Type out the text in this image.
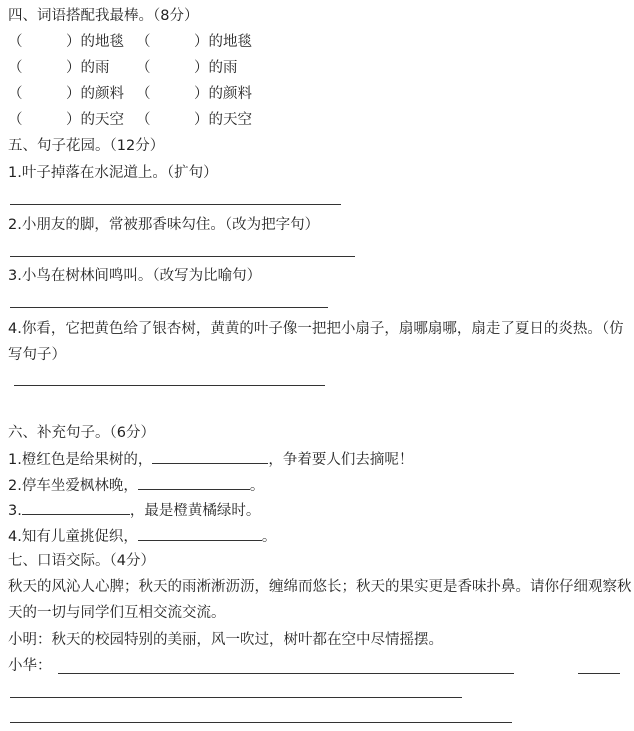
四、词语搭配我最棒。（8分）
（　　　）的地毯 （　　　）的地毯
（　　　）的雨 （　　　）的雨
（　　　）的颜料 （　　　）的颜料
（　　　）的天空 （　　　）的天空
五、句子花园。（12分）
1.叶子掉落在水泥道上。（扩句）
2.小朋友的脚，常被那香味勾住。（改为把字句）
3.小鸟在树林间鸣叫。（改写为比喻句）
4.你看，它把黄色给了银杏树，黄黄的叶子像一把把小扇子，扇哪扇哪，扇走了夏日的炎热。（仿
写句子）
六、补充句子。（6分）
1.橙红色是给果树的，	，争着要人们去摘呢！
2.停车坐爱枫林晚，	。
3.	，最是橙黄橘绿时。
4.知有儿童挑促织，	。
七、口语交际。（4分）
秋天的风沁人心脾；秋天的雨淅淅沥沥，缠绵而悠长；秋天的果实更是香味扑鼻。请你仔细观察秋
天的一切与同学们互相交流交流。
小明：秋天的校园特别的美丽，风一吹过，树叶都在空中尽情摇摆。
小华：
